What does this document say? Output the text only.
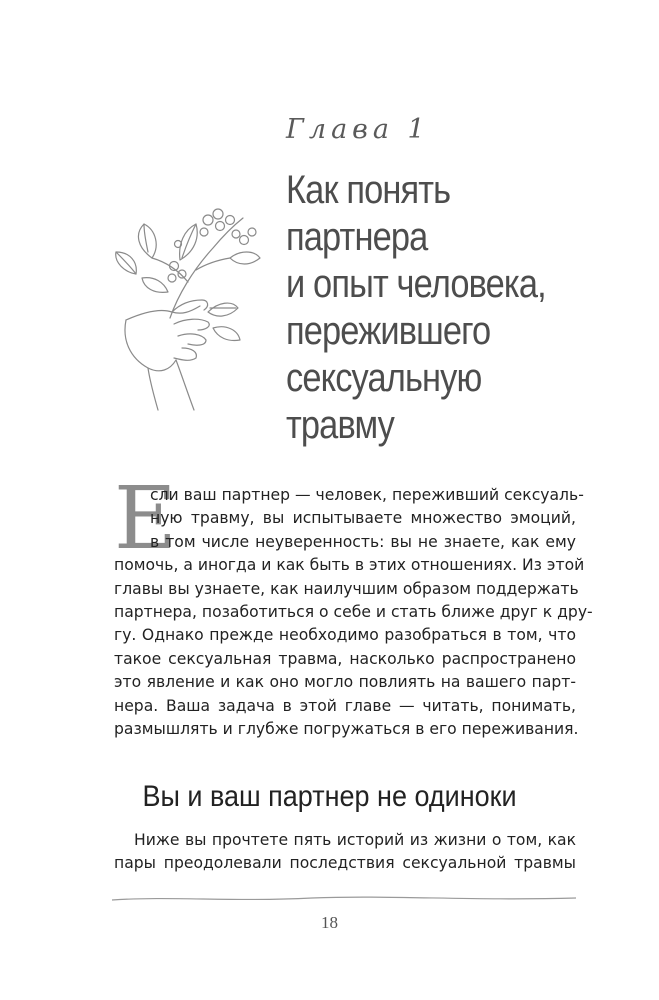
Глава 1
Как понять
партнера
и опыт человека,
пережившего
сексуальную
травму
Е
сли ваш партнер — человек, переживший сексуаль-
ную травму, вы испытываете множество эмоций,
в том числе неуверенность: вы не знаете, как ему
помочь, а иногда и как быть в этих отношениях. Из этой
главы вы узнаете, как наилучшим образом поддержать
партнера, позаботиться о себе и стать ближе друг к дру-
гу. Однако прежде необходимо разобраться в том, что
такое сексуальная травма, насколько распространено
это явление и как оно могло повлиять на вашего парт-
нера. Ваша задача в этой главе — читать, понимать,
размышлять и глубже погружаться в его переживания.
Вы и ваш партнер не одиноки
Ниже вы прочтете пять историй из жизни о том, как
пары преодолевали последствия сексуальной травмы
18
